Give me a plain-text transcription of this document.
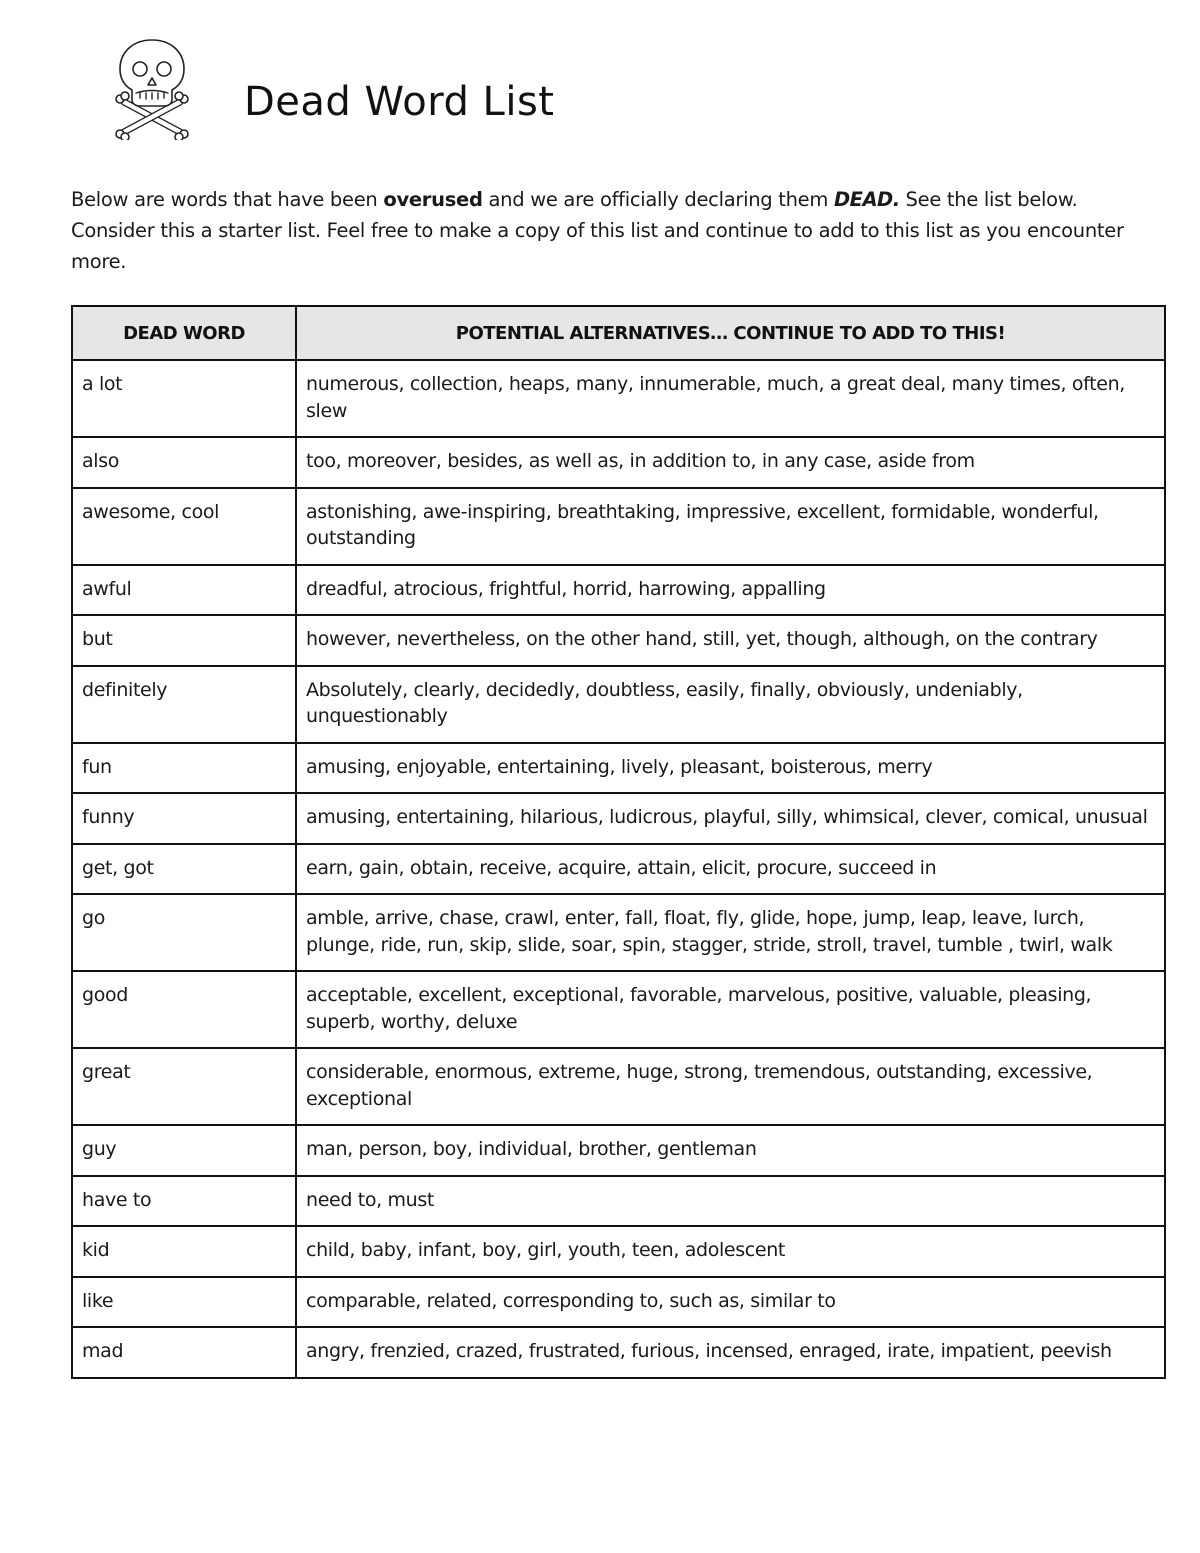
Dead Word List
Below are words that have been overused and we are officially declaring them DEAD. See the list below. Consider this a starter list. Feel free to make a copy of this list and continue to add to this list as you encounter more.
DEAD WORD	POTENTIAL ALTERNATIVES… CONTINUE TO ADD TO THIS!
a lot	numerous, collection, heaps, many, innumerable, much, a great deal, many times, often, slew
also	too, moreover, besides, as well as, in addition to, in any case, aside from
awesome, cool	astonishing, awe-inspiring, breathtaking, impressive, excellent, formidable, wonderful, outstanding
awful	dreadful, atrocious, frightful, horrid, harrowing, appalling
but	however, nevertheless, on the other hand, still, yet, though, although, on the contrary
definitely	Absolutely, clearly, decidedly, doubtless, easily, finally, obviously, undeniably, unquestionably
fun	amusing, enjoyable, entertaining, lively, pleasant, boisterous, merry
funny	amusing, entertaining, hilarious, ludicrous, playful, silly, whimsical, clever, comical, unusual
get, got	earn, gain, obtain, receive, acquire, attain, elicit, procure, succeed in
go	amble, arrive, chase, crawl, enter, fall, float, fly, glide, hope, jump, leap, leave, lurch, plunge, ride, run, skip, slide, soar, spin, stagger, stride, stroll, travel, tumble , twirl, walk
good	acceptable, excellent, exceptional, favorable, marvelous, positive, valuable, pleasing, superb, worthy, deluxe
great	considerable, enormous, extreme, huge, strong, tremendous, outstanding, excessive, exceptional
guy	man, person, boy, individual, brother, gentleman
have to	need to, must
kid	child, baby, infant, boy, girl, youth, teen, adolescent
like	comparable, related, corresponding to, such as, similar to
mad	angry, frenzied, crazed, frustrated, furious, incensed, enraged, irate, impatient, peevish
